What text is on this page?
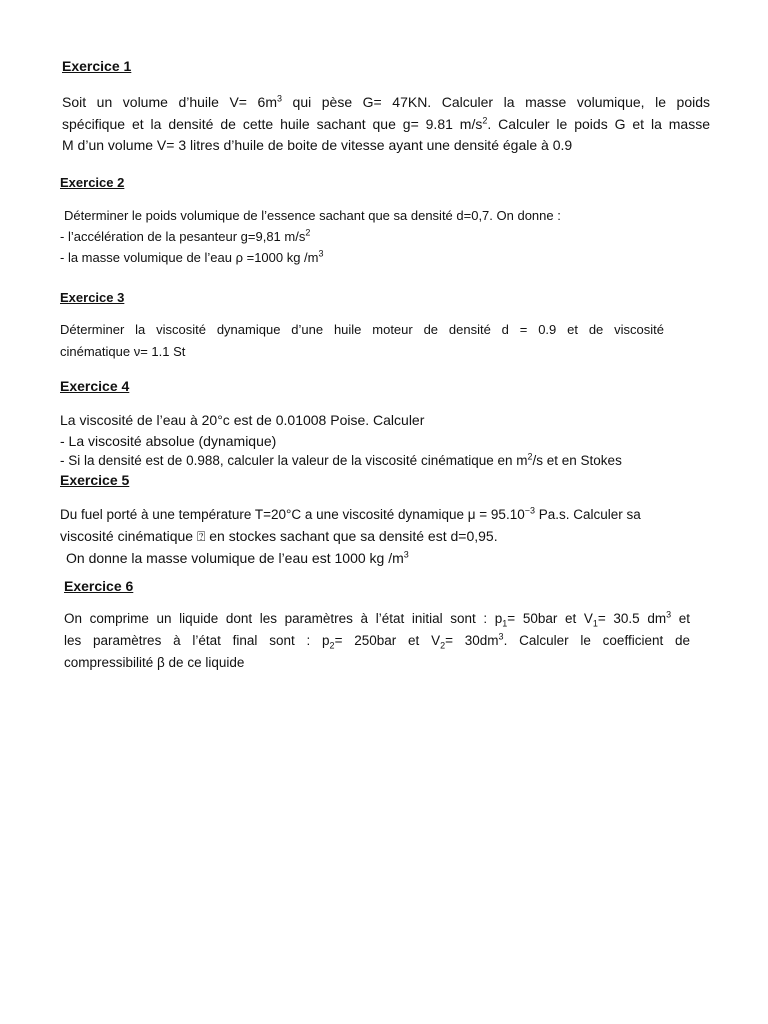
Exercice 1
Soit un volume d’huile $V= 6m^3$ qui pèse G= 47KN. Calculer la masse volumique, le poids
spécifique et la densité de cette huile sachant que g= 9.81 $m/s^2$. Calculer le poids G et la masse
M d’un volume V= 3 litres d’huile de boite de vitesse ayant une densité égale à 0.9
Exercice 2
Déterminer le poids volumique de l’essence sachant que sa densité d=0,7. On donne :
- l’accélération de la pesanteur g=9,81 $m/s^2$
- la masse volumique de l’eau ρ =1000 kg $/m^3$
Exercice 3
Déterminer la viscosité dynamique d’une huile moteur de densité d = 0.9 et de viscosité
cinématique ν= 1.1 St
Exercice 4
La viscosité de l’eau à 20°c est de 0.01008 Poise. Calculer
- La viscosité absolue (dynamique)
- Si la densité est de 0.988, calculer la valeur de la viscosité cinématique en $m^2/s$ et en Stokes
Exercice 5
Du fuel porté à une température T=20°C a une viscosité dynamique $\mu = 95.10^{-3}$ Pa.s. Calculer sa
viscosité cinématique ⍰ en stockes sachant que sa densité est d=0,95.
On donne la masse volumique de l’eau est 1000 kg $/m^3$
Exercice 6
On comprime un liquide dont les paramètres à l’état initial sont : $p_1= 50bar$ et $V_1= 30.5$ $dm^3$ et
les paramètres à l’état final sont : $p_2= 250bar$ et $V_2= 30dm^3$. Calculer le coefficient de
compressibilité β de ce liquide
